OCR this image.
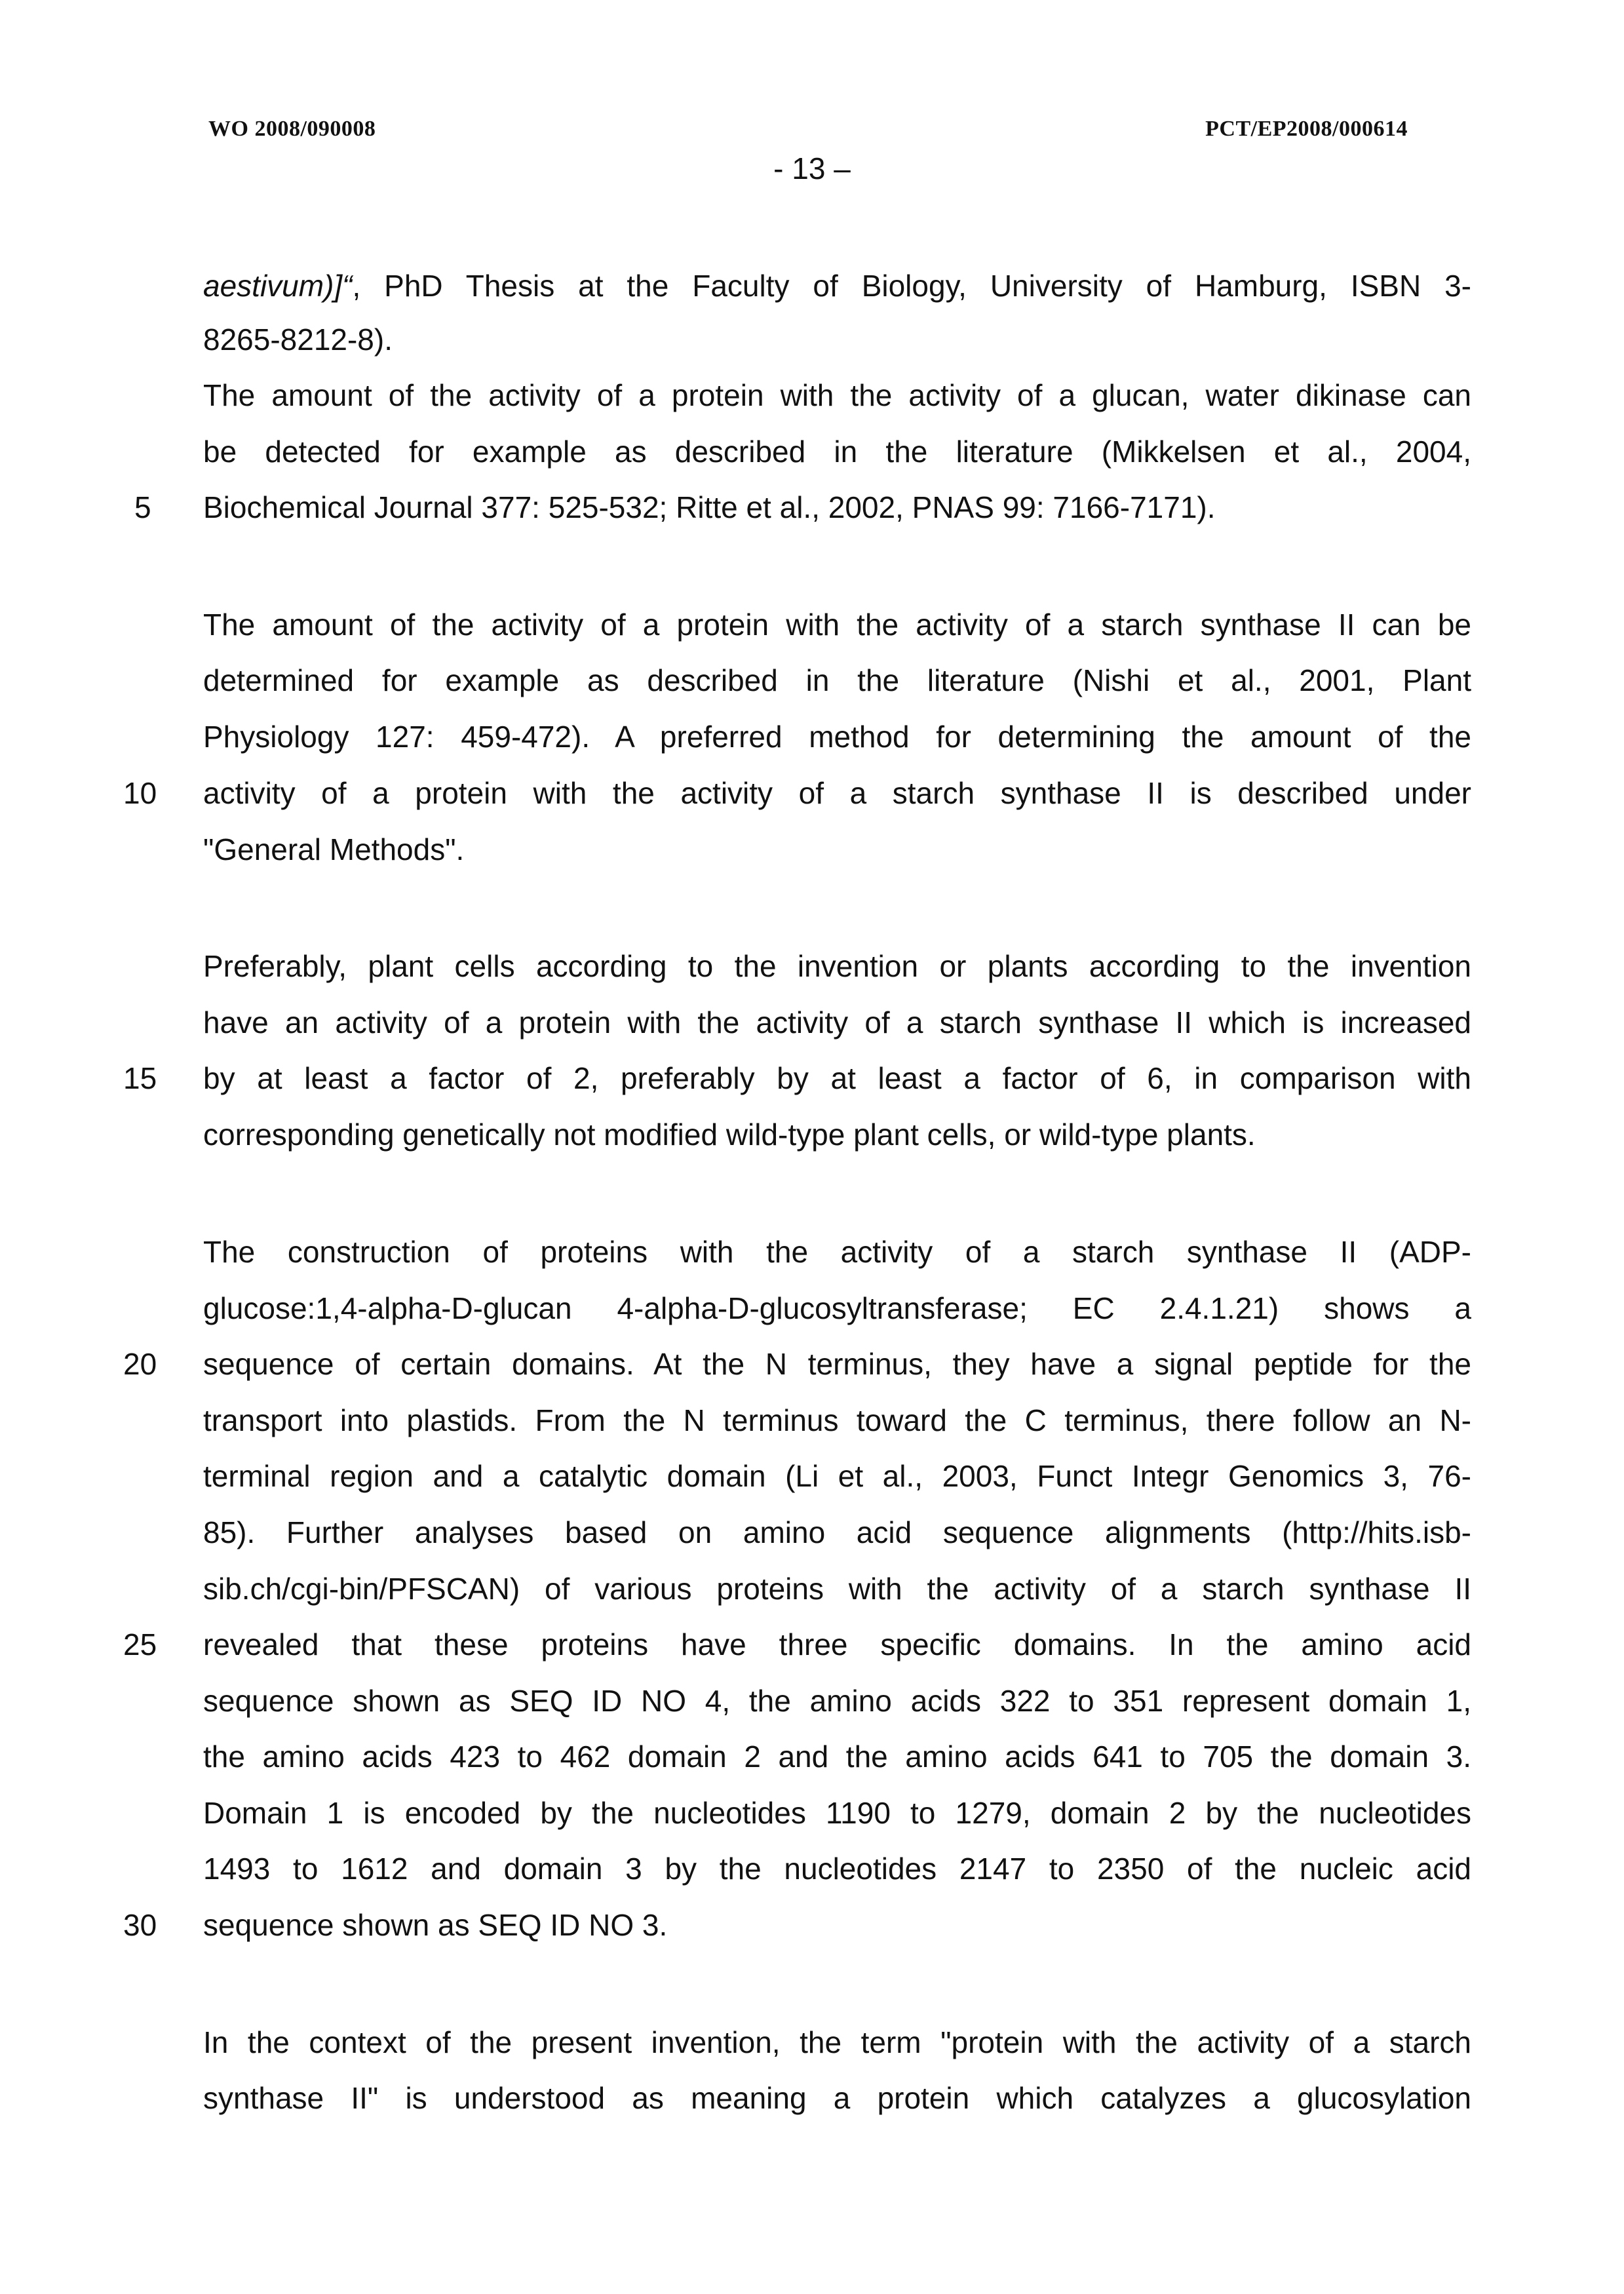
WO 2008/090008	PCT/EP2008/000614
- 13 –
aestivum)]“, PhD Thesis at the Faculty of Biology, University of Hamburg, ISBN 3-
8265-8212-8).
The amount of the activity of a protein with the activity of a glucan, water dikinase can
be detected for example as described in the literature (Mikkelsen et al., 2004,
Biochemical Journal 377: 525-532; Ritte et al., 2002, PNAS 99: 7166-7171).
The amount of the activity of a protein with the activity of a starch synthase II can be
determined for example as described in the literature (Nishi et al., 2001, Plant
Physiology 127: 459-472). A preferred method for determining the amount of the
activity of a protein with the activity of a starch synthase II is described under
"General Methods".
Preferably, plant cells according to the invention or plants according to the invention
have an activity of a protein with the activity of a starch synthase II which is increased
by at least a factor of 2, preferably by at least a factor of 6, in comparison with
corresponding genetically not modified wild-type plant cells, or wild-type plants.
The construction of proteins with the activity of a starch synthase II (ADP-
glucose:1,4-alpha-D-glucan 4-alpha-D-glucosyltransferase; EC 2.4.1.21) shows a
sequence of certain domains. At the N terminus, they have a signal peptide for the
transport into plastids. From the N terminus toward the C terminus, there follow an N-
terminal region and a catalytic domain (Li et al., 2003, Funct Integr Genomics 3, 76-
85). Further analyses based on amino acid sequence alignments (http://hits.isb-
sib.ch/cgi-bin/PFSCAN) of various proteins with the activity of a starch synthase II
revealed that these proteins have three specific domains. In the amino acid
sequence shown as SEQ ID NO 4, the amino acids 322 to 351 represent domain 1,
the amino acids 423 to 462 domain 2 and the amino acids 641 to 705 the domain 3.
Domain 1 is encoded by the nucleotides 1190 to 1279, domain 2 by the nucleotides
1493 to 1612 and domain 3 by the nucleotides 2147 to 2350 of the nucleic acid
sequence shown as SEQ ID NO 3.
In the context of the present invention, the term "protein with the activity of a starch
synthase II" is understood as meaning a protein which catalyzes a glucosylation
5
10
15
20
25
30
